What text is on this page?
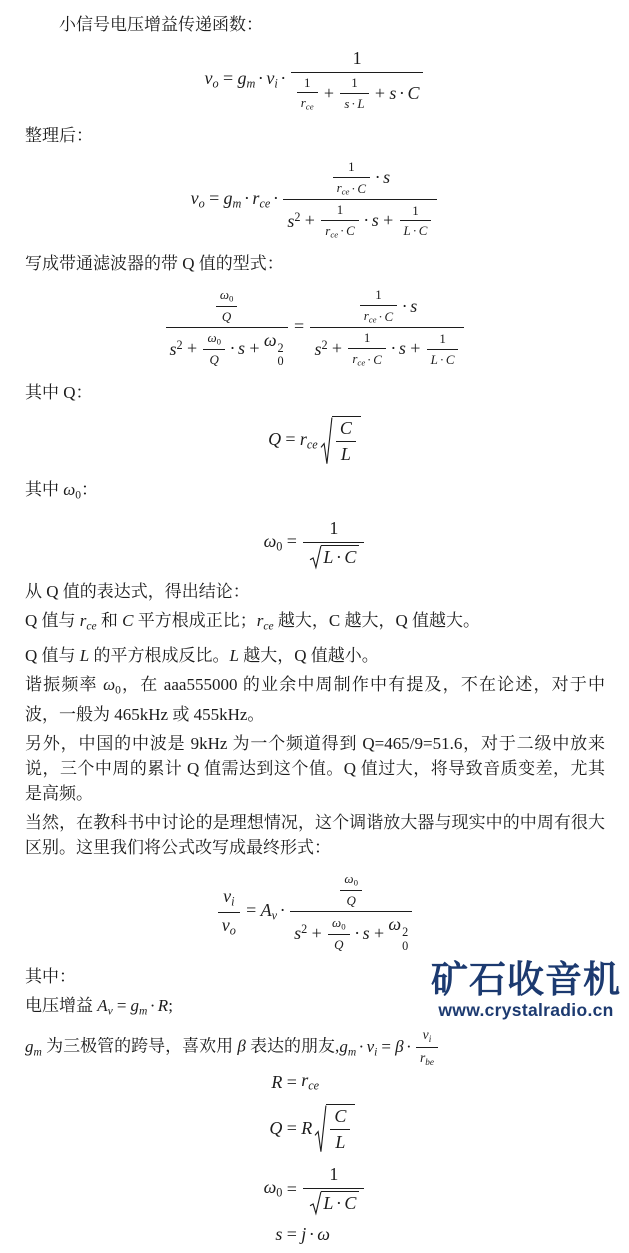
小信号电压增益传递函数：
$v_o = g_m \cdot v_i \cdot \frac{1}{\frac{1}{r_{ce}} + \frac{1}{s \cdot L} + s \cdot C}$
整理后：
$v_o = g_m \cdot r_{ce} \cdot \frac{\frac{1}{r_{ce} \cdot C} \cdot s}{s^2 + \frac{1}{r_{ce} \cdot C} \cdot s + \frac{1}{L \cdot C}}$
写成带通滤波器的带 Q 值的型式：
$\frac{\omega_0}{Q}$
$s^2 + \frac{\omega_0}{Q} \cdot s + \omega$ 2
$0 = \frac{\frac{1}{r_{ce} \cdot C} \cdot s}{s^2 + \frac{1}{r_{ce} \cdot C} \cdot s + \frac{1}{L \cdot C}}$
其中 Q：
$Q = r_{ce} \frac{C}{L}$
其中 $\omega_0$：
$\omega_0 = \frac{1}{L \cdot C}$
从 Q 值的表达式，得出结论：
Q 值与 $r_{ce}$ 和 C 平方根成正比；$r_{ce}$ 越大，C 越大，Q 值越大。
Q 值与 L 的平方根成反比。L 越大，Q 值越小。
谐振频率 $\omega_0$，在 aaa555000 的业余中周制作中有提及，不在论述，对于中波，一般为 465kHz 或 455kHz。
另外，中国的中波是 9kHz 为一个频道得到 Q=465/9=51.6，对于二级中放来说，三个中周的累计 Q 值需达到这个值。Q 值过大，将导致音质变差，尤其是高频。
当然，在教科书中讨论的是理想情况，这个调谐放大器与现实中的中周有很大区别。这里我们将公式改写成最终形式：
$\frac{v_i}{v_o} = A_v \cdot \frac{\omega_0}{Q}$
$s^2 + \frac{\omega_0}{Q} \cdot s + \omega$ 2
0
其中：
电压增益 $A_v = g_m \cdot R$;
$g_m$ 为三极管的跨导，喜欢用 β 表达的朋友$,g_m \cdot v_i = \beta \cdot \frac{v_i}{r_{be}}$
$R = r_{ce}$
Q = R $\frac{C}{L}$
$\omega_0 = \frac{1}{L \cdot C}$
s = j · ω
矿石收音机
www.crystalradio.cn
